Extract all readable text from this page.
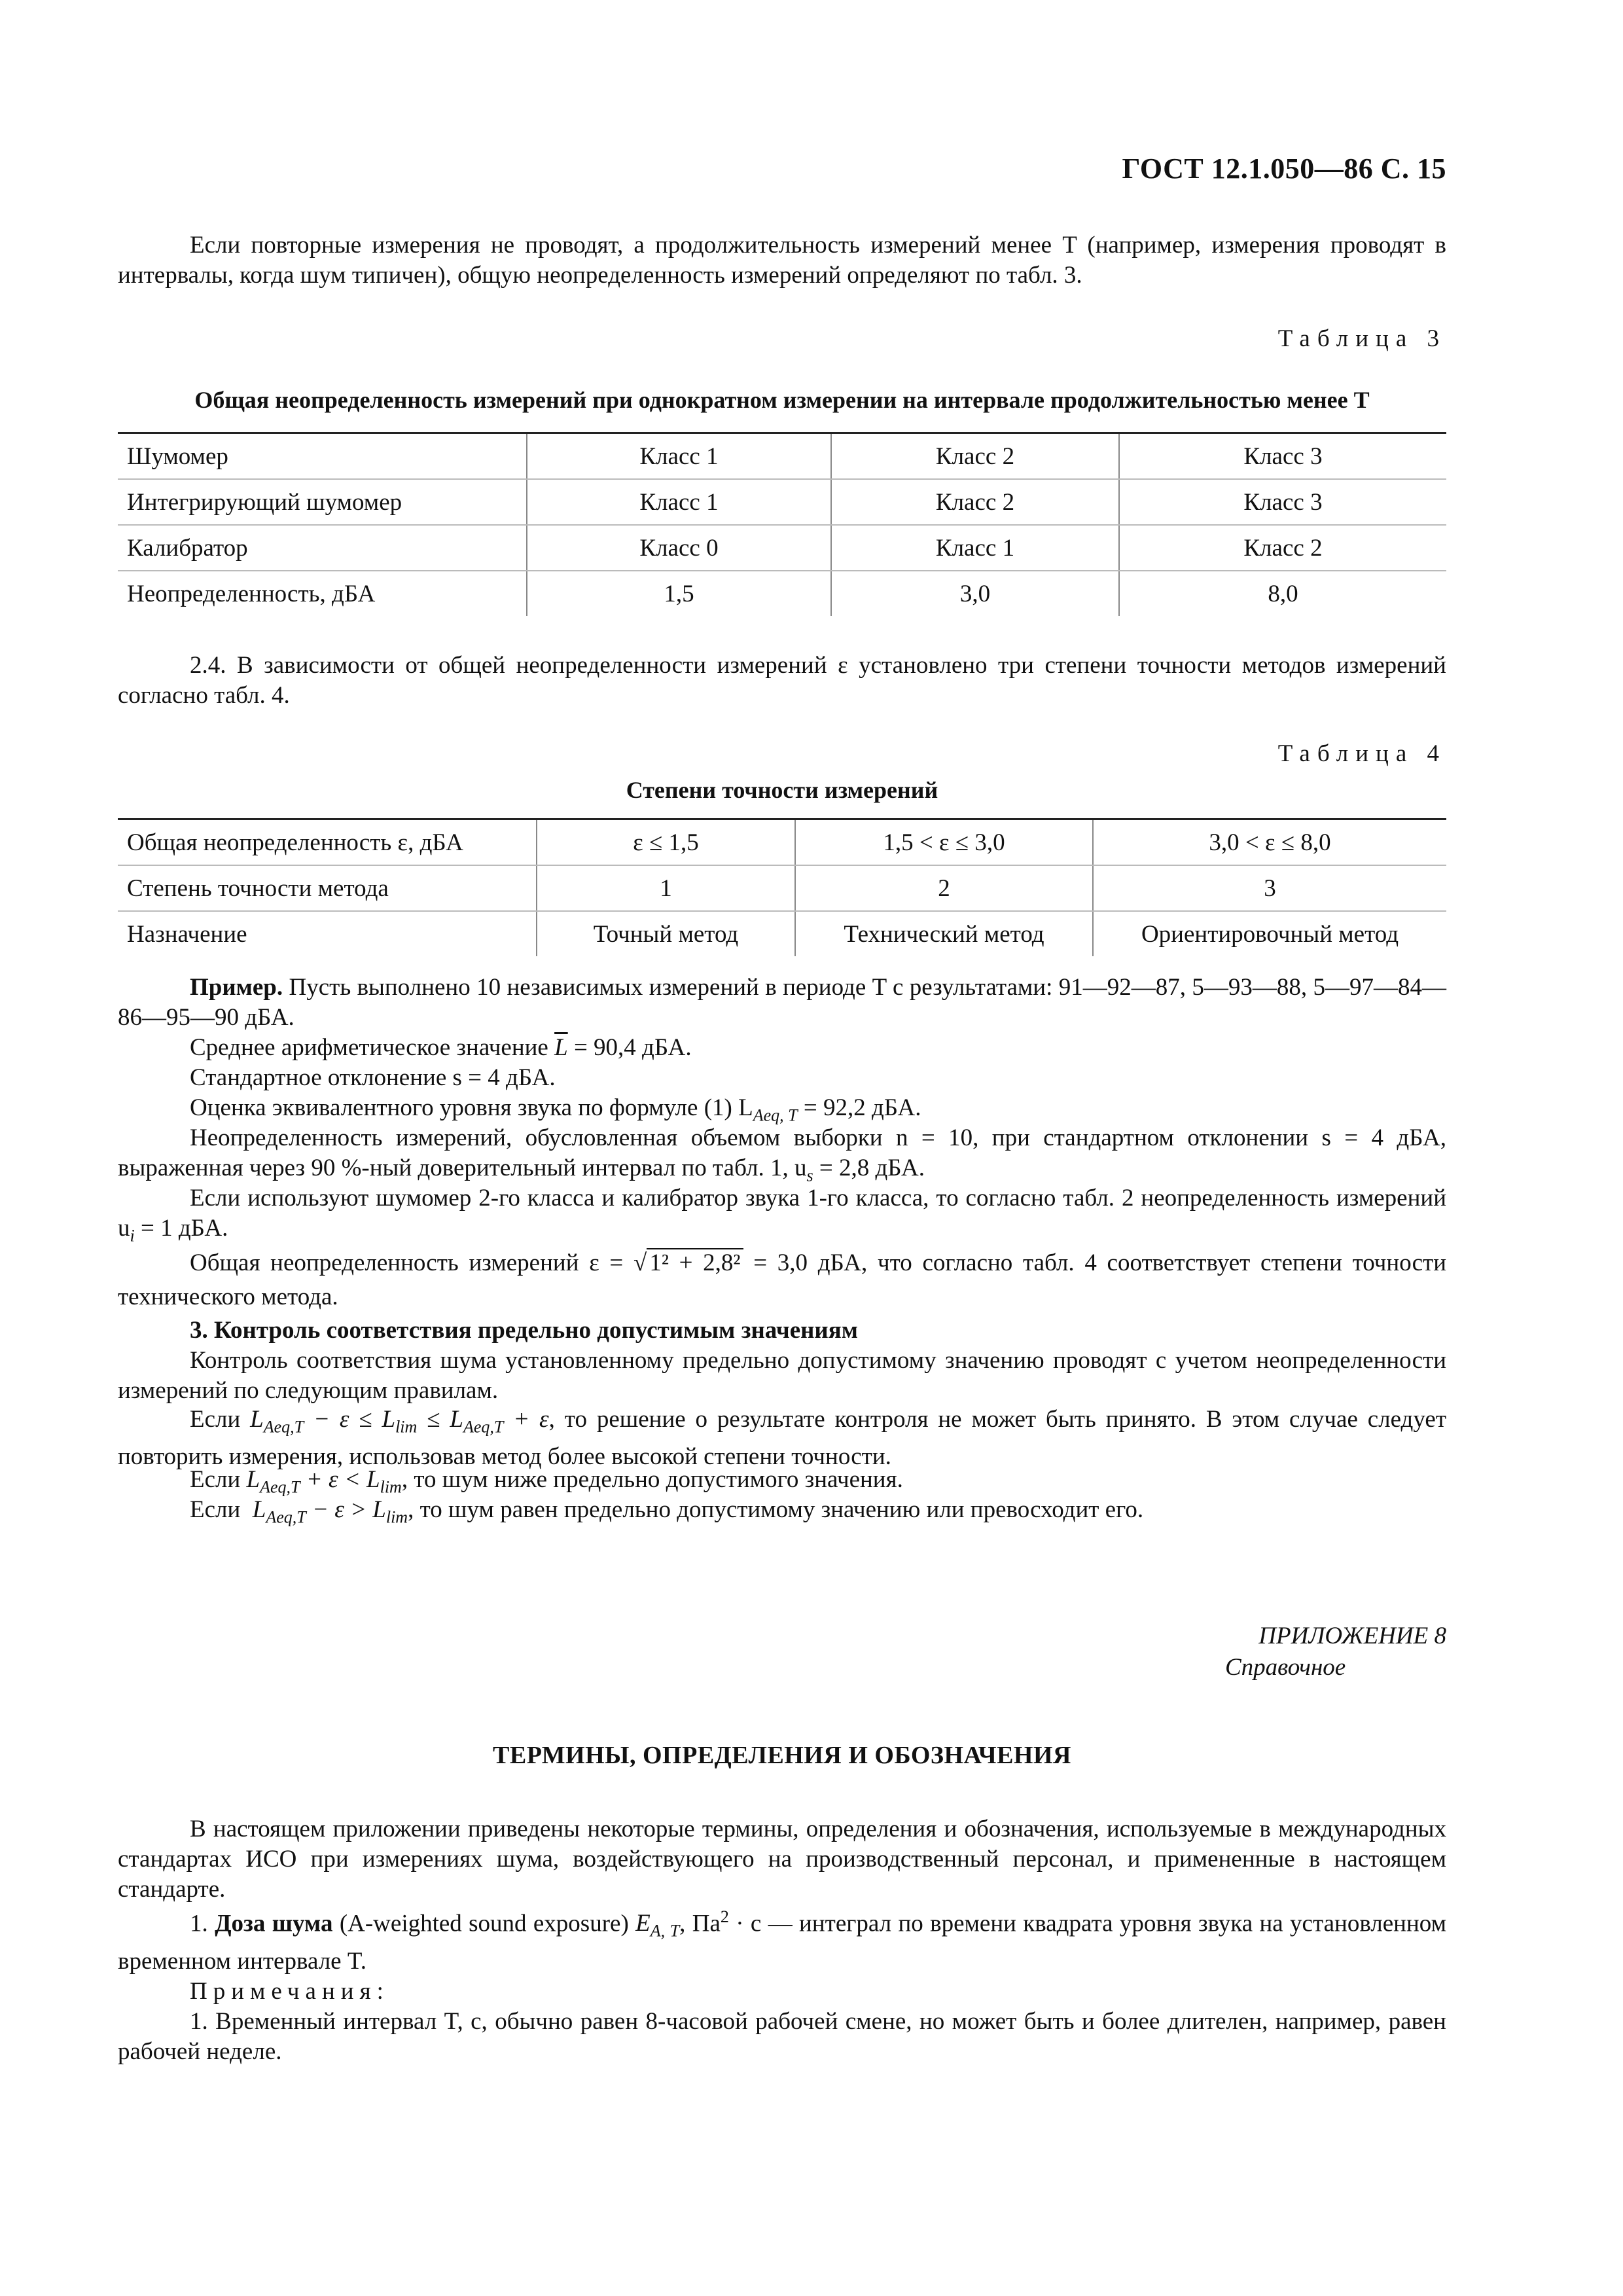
ГОСТ 12.1.050—86 С. 15

Если повторные измерения не проводят, а продолжительность измерений менее T (например, измерения проводят в интервалы, когда шум типичен), общую неопределенность измерений определяют по табл. 3.

Таблица 3

Общая неопределенность измерений при однократном измерении на интервале продолжительностью менее T

Шумомер	Класс 1	Класс 2	Класс 3
Интегрирующий шумомер	Класс 1	Класс 2	Класс 3
Калибратор	Класс 0	Класс 1	Класс 2
Неопределенность, дБА	1,5	3,0	8,0

2.4. В зависимости от общей неопределенности измерений ε установлено три степени точности методов измерений согласно табл. 4.

Таблица 4

Степени точности измерений

Общая неопределенность ε, дБА	ε ≤ 1,5	1,5 < ε ≤ 3,0	3,0 < ε ≤ 8,0
Степень точности метода	1	2	3
Назначение	Точный метод	Технический метод	Ориентировочный метод

Пример. Пусть выполнено 10 независимых измерений в периоде T с результатами: 91—92—87, 5—93—88, 5—97—84—86—95—90 дБА.

Среднее арифметическое значение $\overline{L} = 90,4$ дБА.

Стандартное отклонение s = 4 дБА.

Оценка эквивалентного уровня звука по формуле (1) $L_{Aeq, T} = 92,2$ дБА.

Неопределенность измерений, обусловленная объемом выборки n = 10, при стандартном отклонении s = 4 дБА, выраженная через 90 %-ный доверительный интервал по табл. 1, $u_s = 2,8$ дБА.

Если используют шумомер 2-го класса и калибратор звука 1-го класса, то согласно табл. 2 неопределенность измерений $u_i = 1$ дБА.

Общая неопределенность измерений ε = √ 1² + 2,8² = 3,0 дБА, что согласно табл. 4 соответствует степени точности технического метода.

3. Контроль соответствия предельно допустимым значениям

Контроль соответствия шума установленному предельно допустимому значению проводят с учетом неопределенности измерений по следующим правилам.

Если $L_{Aeq,T} - \varepsilon \le L_{lim} \le L_{Aeq,T} + \varepsilon$, то решение о результате контроля не может быть принято. В этом случае следует повторить измерения, использовав метод более высокой степени точности.

Если $L_{Aeq,T} + \varepsilon < L_{lim}$, то шум ниже предельно допустимого значения.

Если $L_{Aeq,T} - \varepsilon > L_{lim}$, то шум равен предельно допустимому значению или превосходит его.

ПРИЛОЖЕНИЕ 8
Справочное

ТЕРМИНЫ, ОПРЕДЕЛЕНИЯ И ОБОЗНАЧЕНИЯ

В настоящем приложении приведены некоторые термины, определения и обозначения, используемые в международных стандартах ИСО при измерениях шума, воздействующего на производственный персонал, и примененные в настоящем стандарте.

1. Доза шума (A-weighted sound exposure) $E_{A, T}$, $Па^2 \cdot с$ — интеграл по времени квадрата уровня звука на установленном временном интервале T.

Примечания:

1. Временный интервал T, с, обычно равен 8-часовой рабочей смене, но может быть и более длителен, например, равен рабочей неделе.
